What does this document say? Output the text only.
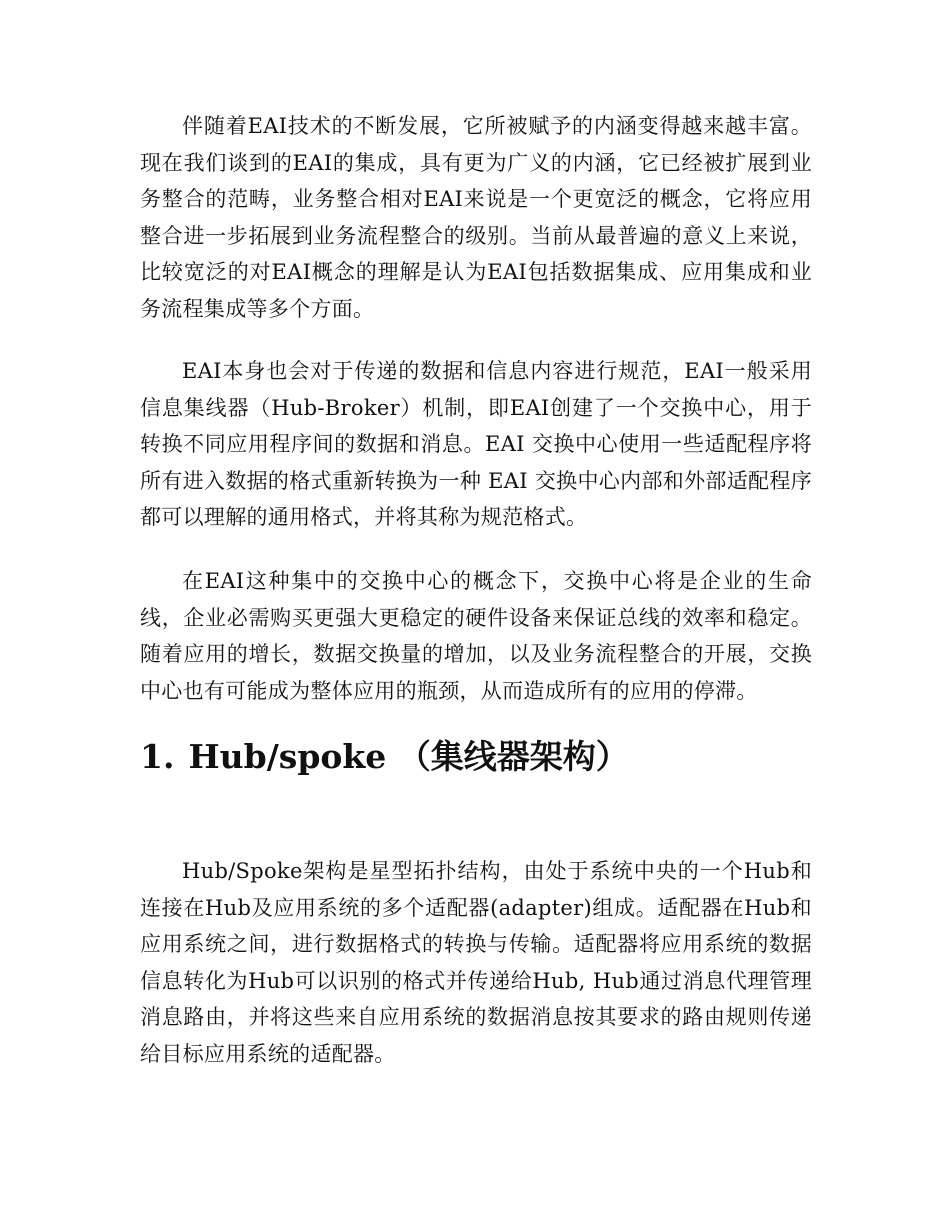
伴随着EAI技术的不断发展，它所被赋予的内涵变得越来越丰富。现在我们谈到的EAI的集成，具有更为广义的内涵，它已经被扩展到业务整合的范畴，业务整合相对EAI来说是一个更宽泛的概念，它将应用整合进一步拓展到业务流程整合的级别。当前从最普遍的意义上来说，比较宽泛的对EAI概念的理解是认为EAI包括数据集成、应用集成和业务流程集成等多个方面。

EAI本身也会对于传递的数据和信息内容进行规范，EAI一般采用信息集线器（Hub-Broker）机制，即EAI创建了一个交换中心，用于转换不同应用程序间的数据和消息。EAI 交换中心使用一些适配程序将所有进入数据的格式重新转换为一种 EAI 交换中心内部和外部适配程序都可以理解的通用格式，并将其称为规范格式。

在EAI这种集中的交换中心的概念下，交换中心将是企业的生命线，企业必需购买更强大更稳定的硬件设备来保证总线的效率和稳定。随着应用的增长，数据交换量的增加，以及业务流程整合的开展，交换中心也有可能成为整体应用的瓶颈，从而造成所有的应用的停滞。

1. Hub/spoke （集线器架构）

Hub/Spoke架构是星型拓扑结构，由处于系统中央的一个Hub和连接在Hub及应用系统的多个适配器(adapter)组成。适配器在Hub和应用系统之间，进行数据格式的转换与传输。适配器将应用系统的数据信息转化为Hub可以识别的格式并传递给Hub, Hub通过消息代理管理消息路由，并将这些来自应用系统的数据消息按其要求的路由规则传递给目标应用系统的适配器。
